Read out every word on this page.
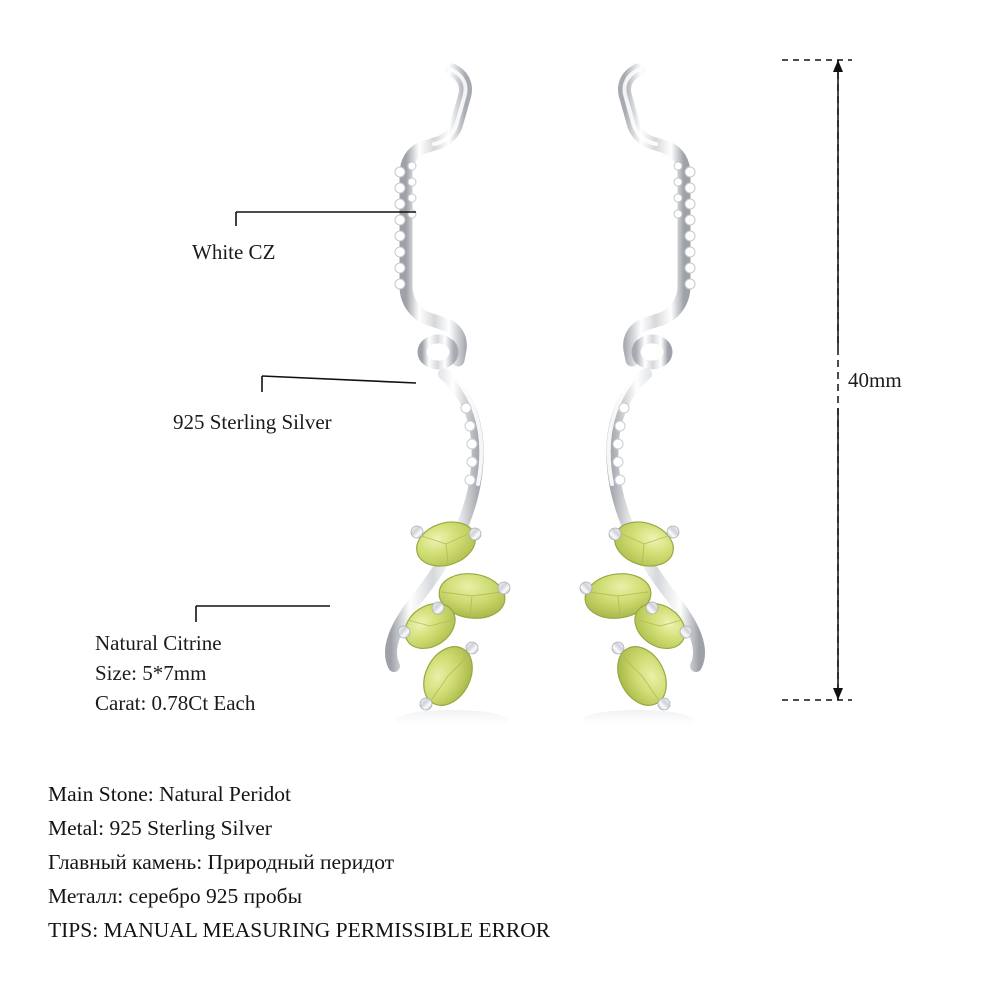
White CZ
925 Sterling Silver
Natural Citrine
Size: 5*7mm
Carat: 0.78Ct Each
40mm
Main Stone: Natural Peridot
Metal: 925 Sterling Silver
Главный камень: Природный перидот
Металл: серебро 925 пробы
TIPS: MANUAL MEASURING PERMISSIBLE ERROR
